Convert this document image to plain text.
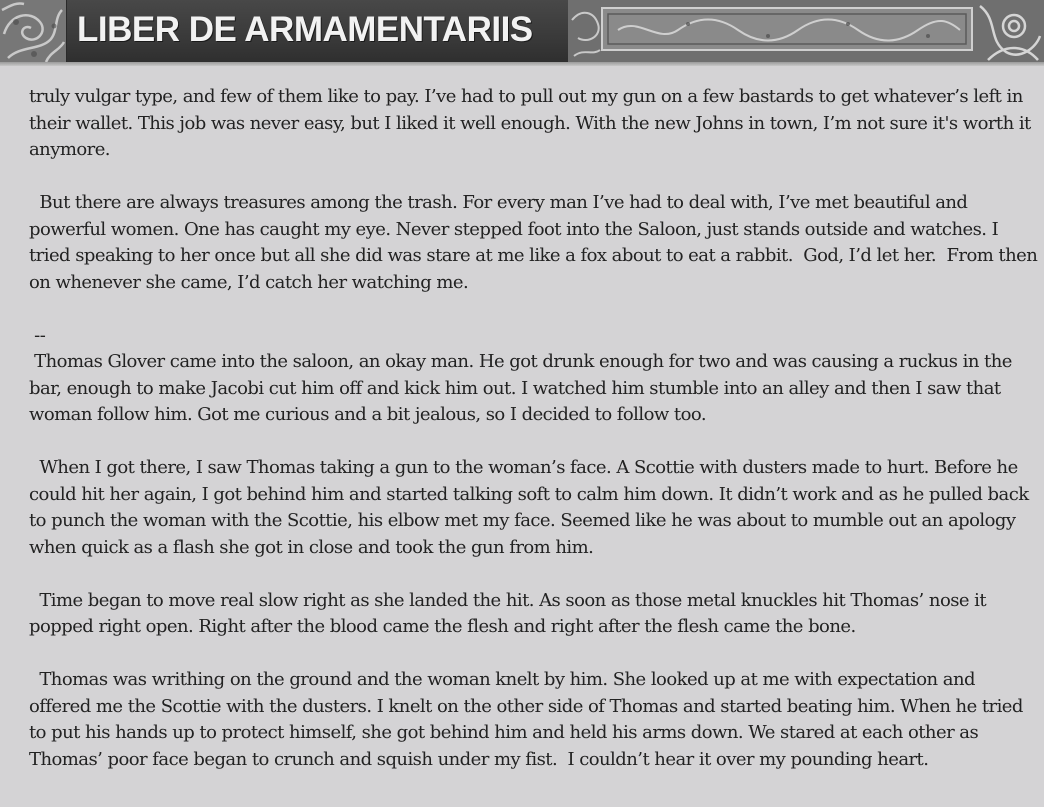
LIBER DE ARMAMENTARIIS

truly vulgar type, and few of them like to pay. I’ve had to pull out my gun on a few bastards to get whatever’s left in their wallet. This job was never easy, but I liked it well enough. With the new Johns in town, I’m not sure it's worth it anymore.

But there are always treasures among the trash. For every man I’ve had to deal with, I’ve met beautiful and powerful women. One has caught my eye. Never stepped foot into the Saloon, just stands outside and watches. I tried speaking to her once but all she did was stare at me like a fox about to eat a rabbit.  God, I’d let her.  From then on whenever she came, I’d catch her watching me.

--

Thomas Glover came into the saloon, an okay man. He got drunk enough for two and was causing a ruckus in the bar, enough to make Jacobi cut him off and kick him out. I watched him stumble into an alley and then I saw that woman follow him. Got me curious and a bit jealous, so I decided to follow too.

When I got there, I saw Thomas taking a gun to the woman’s face. A Scottie with dusters made to hurt. Before he could hit her again, I got behind him and started talking soft to calm him down. It didn’t work and as he pulled back to punch the woman with the Scottie, his elbow met my face. Seemed like he was about to mumble out an apology when quick as a flash she got in close and took the gun from him.

Time began to move real slow right as she landed the hit. As soon as those metal knuckles hit Thomas’ nose it popped right open. Right after the blood came the flesh and right after the flesh came the bone.

Thomas was writhing on the ground and the woman knelt by him. She looked up at me with expectation and offered me the Scottie with the dusters. I knelt on the other side of Thomas and started beating him. When he tried to put his hands up to protect himself, she got behind him and held his arms down. We stared at each other as Thomas’ poor face began to crunch and squish under my fist.  I couldn’t hear it over my pounding heart.
